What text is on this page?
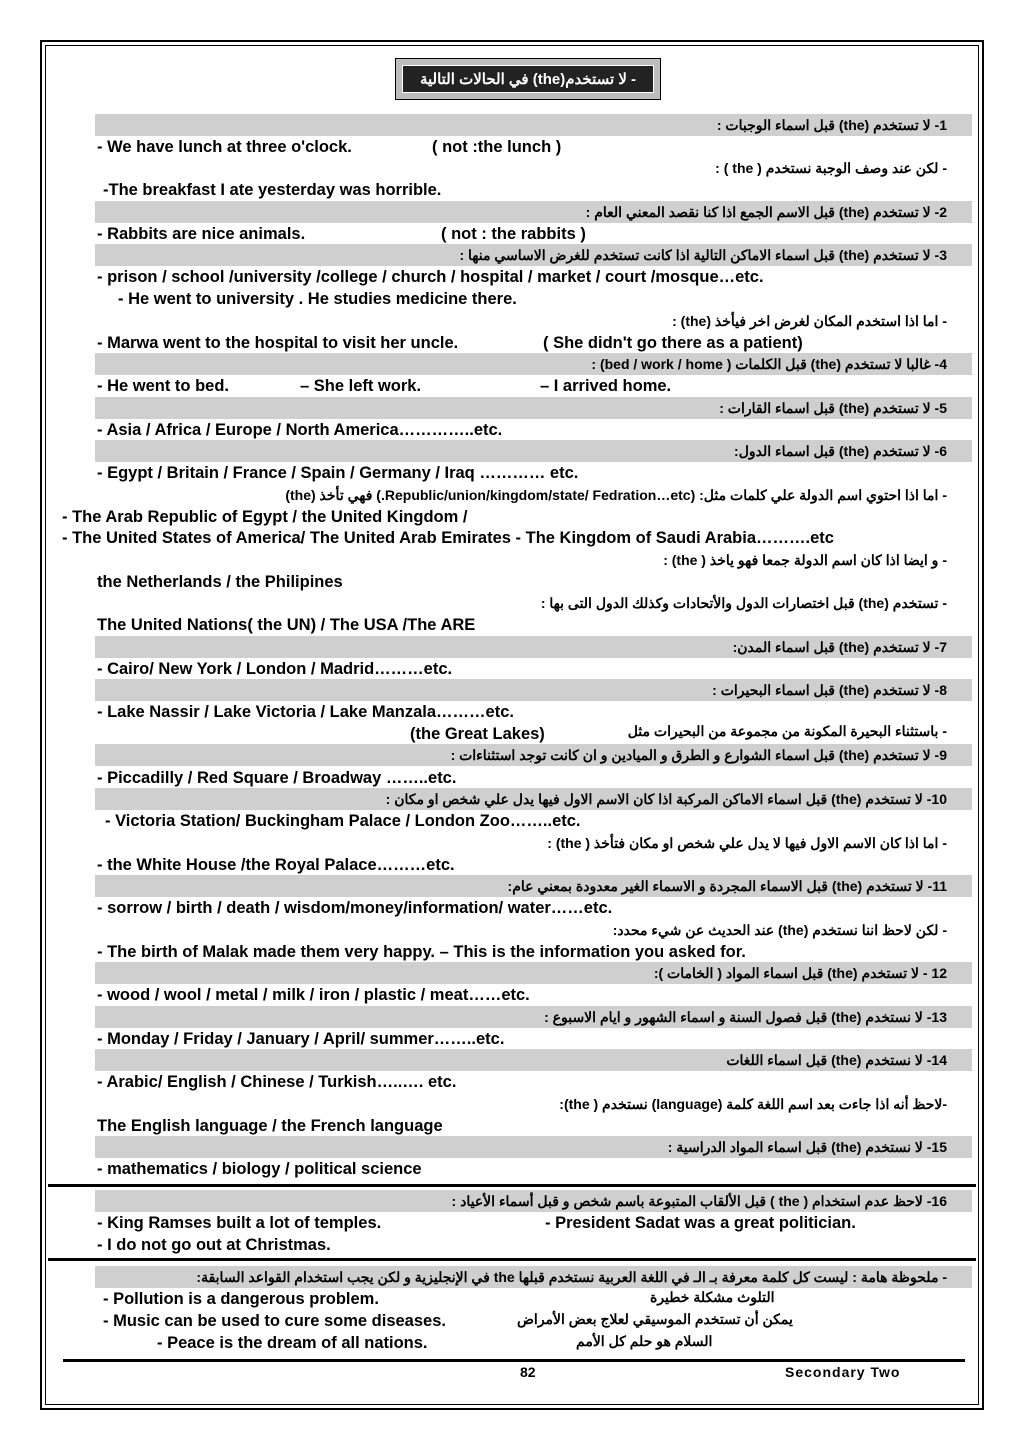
- لا تستخدم(the) في الحالات التالية
1- لا تستخدم (the) قبل اسماء الوجبات :
- We have lunch at three o'clock.	( not :the lunch )
- لكن عند وصف الوجبة نستخدم ( the ) :
-The breakfast I ate yesterday was horrible.
2- لا تستخدم (the) قبل الاسم الجمع اذا كنا نقصد المعني العام :
- Rabbits are nice animals.	( not : the rabbits )
3- لا تستخدم (the) قبل اسماء الاماكن التالية اذا كانت تستخدم للغرض الاساسي منها :
- prison / school /university /college / church / hospital / market / court /mosque…etc.
- He went to university . He studies medicine there.
- اما اذا استخدم المكان لغرض اخر فيأخذ (the) :
- Marwa went to the hospital to visit her uncle.	( She didn't go there as a patient)
4- غالبا لا تستخدم (the) قبل الكلمات ( bed / work / home) :
- He went to bed.	– She left work.	– I arrived home.
5- لا تستخدم (the) قبل اسماء القارات :
- Asia / Africa / Europe / North America…………..etc.
6- لا تستخدم (the) قبل اسماء الدول:
- Egypt / Britain / France / Spain / Germany / Iraq ………… etc.
- اما اذا احتوي اسم الدولة علي كلمات مثل: (Republic/union/kingdom/state/ Fedration…etc.) فهي تأخذ (the)
- The Arab Republic of Egypt / the United Kingdom /
- The United States of America/ The United Arab Emirates - The Kingdom of Saudi Arabia……….etc
- و ايضا اذا كان اسم الدولة جمعا فهو ياخذ ( the) :
the Netherlands / the Philipines
- تستخدم (the) قبل اختصارات الدول والأتحادات وكذلك الدول التى بها :
The United Nations( the UN) / The USA /The ARE
7- لا تستخدم (the) قبل اسماء المدن:
- Cairo/ New York / London / Madrid………etc.
8- لا تستخدم (the) قبل اسماء البحيرات :
- Lake Nassir / Lake Victoria / Lake Manzala………etc.
- باستثناء البحيرة المكونة من مجموعة من البحيرات مثل
(the Great Lakes)
9- لا تستخدم (the) قبل اسماء الشوارع و الطرق و الميادين و ان كانت توجد استثناءات :
- Piccadilly / Red Square / Broadway ……..etc.
10- لا تستخدم (the) قبل اسماء الاماكن المركبة اذا كان الاسم الاول فيها يدل علي شخص او مكان :
- Victoria Station/ Buckingham Palace / London Zoo……..etc.
- اما اذا كان الاسم الاول فيها لا يدل علي شخص او مكان فتأخذ ( the) :
- the White House /the Royal Palace………etc.
11- لا تستخدم (the) قبل الاسماء المجردة و الاسماء الغير معدودة بمعني عام:
- sorrow / birth / death / wisdom/money/information/ water……etc.
- لكن لاحظ اننا نستخدم (the) عند الحديث عن شيء محدد:
- The birth of Malak made them very happy. – This is the information you asked for.
12 - لا تستخدم (the) قبل اسماء المواد ( الخامات ):
- wood / wool / metal / milk / iron / plastic / meat……etc.
13- لا نستخدم (the) قبل فصول السنة و اسماء الشهور و ايام الاسبوع :
- Monday / Friday / January / April/ summer……..etc.
14- لا نستخدم (the) قبل اسماء اللغات
- Arabic/ English / Chinese / Turkish…..…. etc.
-لاحظ أنه اذا جاءت بعد اسم اللغة كلمة (language) نستخدم ( the):
The English language / the French language
15- لا نستخدم (the) قبل اسماء المواد الدراسية :
- mathematics / biology / political science
16- لاحظ عدم استخدام ( the ) قبل الألقاب المتبوعة باسم شخص و قبل أسماء الأعياد :
- King Ramses built a lot of temples.	- President Sadat was a great politician.
- I do not go out at Christmas.
- ملحوظة هامة : ليست كل كلمة معرفة بـ الـ في اللغة العربية نستخدم قبلها the في الإنجليزية و لكن يجب استخدام القواعد السابقة:
- Pollution is a dangerous problem.	التلوث مشكلة خطيرة
- Music can be used to cure some diseases.	يمكن أن تستخدم الموسيقي لعلاج بعض الأمراض
- Peace is the dream of all nations.	السلام هو حلم كل الأمم
82	Secondary Two
